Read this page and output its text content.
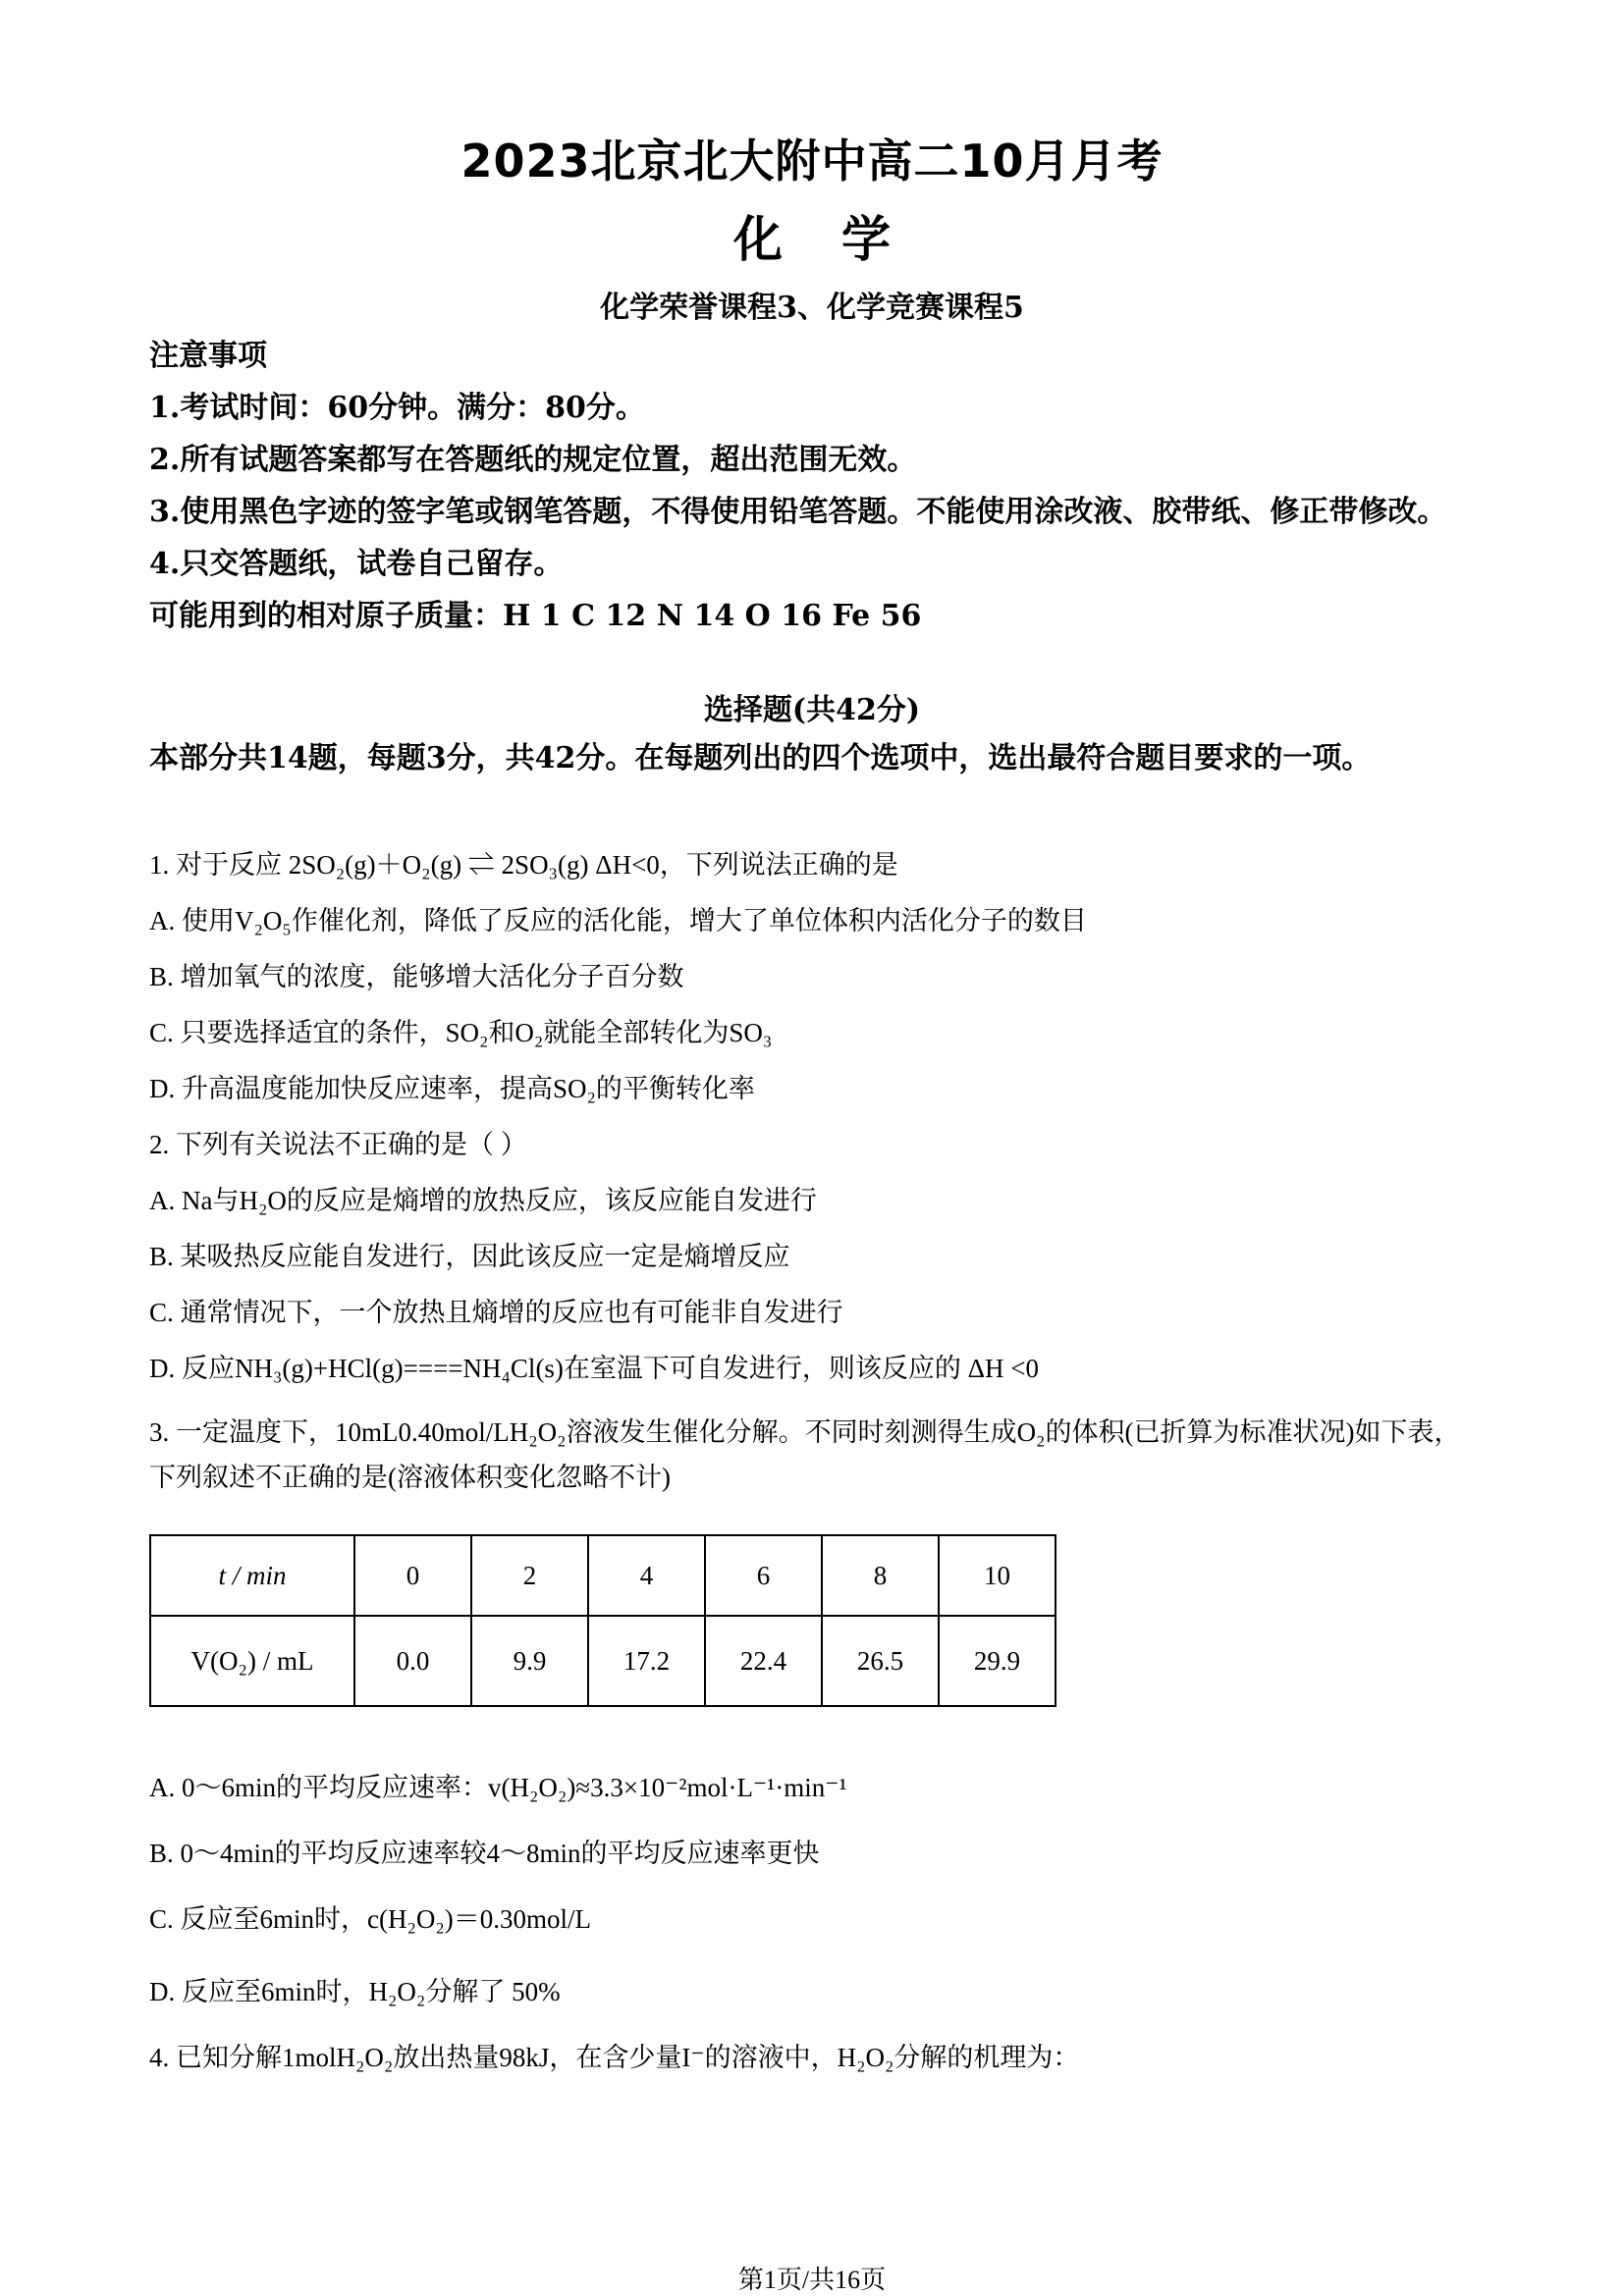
2023北京北大附中高二10月月考
化学
化学荣誉课程3、化学竞赛课程5
注意事项
1.考试时间：60分钟。满分：80分。
2.所有试题答案都写在答题纸的规定位置，超出范围无效。
3.使用黑色字迹的签字笔或钢笔答题，不得使用铅笔答题。不能使用涂改液、胶带纸、修正带修改。
4.只交答题纸，试卷自己留存。
可能用到的相对原子质量：H 1 C 12 N 14 O 16 Fe 56
选择题(共42分)
本部分共14题，每题3分，共42分。在每题列出的四个选项中，选出最符合题目要求的一项。
1. 对于反应 2SO₂(g)＋O₂(g) ⇌ 2SO₃(g) ΔH<0，下列说法正确的是
A. 使用V₂O₅作催化剂，降低了反应的活化能，增大了单位体积内活化分子的数目
B. 增加氧气的浓度，能够增大活化分子百分数
C. 只要选择适宜的条件，SO₂和O₂就能全部转化为SO₃
D. 升高温度能加快反应速率，提高SO₂的平衡转化率
2. 下列有关说法不正确的是（ ）
A. Na与H₂O的反应是熵增的放热反应，该反应能自发进行
B. 某吸热反应能自发进行，因此该反应一定是熵增反应
C. 通常情况下，一个放热且熵增的反应也有可能非自发进行
D. 反应NH₃(g)+HCl(g)====NH₄Cl(s)在室温下可自发进行，则该反应的 ΔH <0
3. 一定温度下，10mL0.40mol/LH₂O₂溶液发生催化分解。不同时刻测得生成O₂的体积(已折算为标准状况)如下表，下列叙述不正确的是(溶液体积变化忽略不计)
t / min	0	2	4	6	8	10
V(O₂) / mL	0.0	9.9	17.2	22.4	26.5	29.9
A. 0～6min的平均反应速率：v(H₂O₂)≈3.3×10⁻²mol·L⁻¹·min⁻¹
B. 0～4min的平均反应速率较4～8min的平均反应速率更快
C. 反应至6min时，c(H₂O₂)＝0.30mol/L
D. 反应至6min时，H₂O₂分解了 50%
4. 已知分解1molH₂O₂放出热量98kJ，在含少量I⁻的溶液中，H₂O₂分解的机理为：
第1页/共16页
